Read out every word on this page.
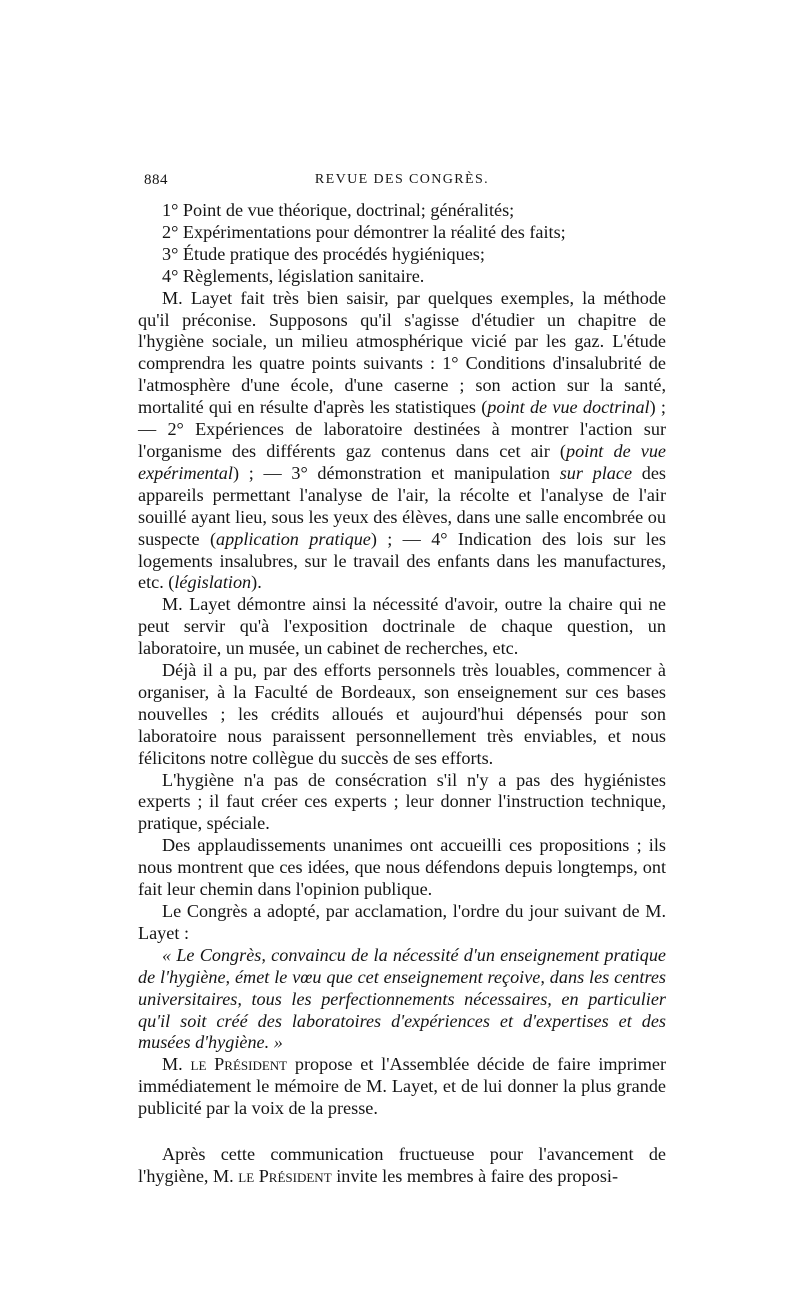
884	REVUE DES CONGRÈS.

1° Point de vue théorique, doctrinal; généralités;

2° Expérimentations pour démontrer la réalité des faits;

3° Étude pratique des procédés hygiéniques;

4° Règlements, législation sanitaire.

M. Layet fait très bien saisir, par quelques exemples, la méthode qu'il préconise. Supposons qu'il s'agisse d'étudier un chapitre de l'hygiène sociale, un milieu atmosphérique vicié par les gaz. L'étude comprendra les quatre points suivants : 1° Conditions d'insalubrité de l'atmosphère d'une école, d'une caserne ; son action sur la santé, mortalité qui en résulte d'après les statistiques (point de vue doctrinal) ; — 2° Expériences de laboratoire destinées à montrer l'action sur l'organisme des différents gaz contenus dans cet air (point de vue expérimental) ; — 3° démonstration et manipulation sur place des appareils permettant l'analyse de l'air, la récolte et l'analyse de l'air souillé ayant lieu, sous les yeux des élèves, dans une salle encombrée ou suspecte (application pratique) ; — 4° Indication des lois sur les logements insalubres, sur le travail des enfants dans les manufactures, etc. (législation).

M. Layet démontre ainsi la nécessité d'avoir, outre la chaire qui ne peut servir qu'à l'exposition doctrinale de chaque question, un laboratoire, un musée, un cabinet de recherches, etc.

Déjà il a pu, par des efforts personnels très louables, commencer à organiser, à la Faculté de Bordeaux, son enseignement sur ces bases nouvelles ; les crédits alloués et aujourd'hui dépensés pour son laboratoire nous paraissent personnellement très enviables, et nous félicitons notre collègue du succès de ses efforts.

L'hygiène n'a pas de consécration s'il n'y a pas des hygiénistes experts ; il faut créer ces experts ; leur donner l'instruction technique, pratique, spéciale.

Des applaudissements unanimes ont accueilli ces propositions ; ils nous montrent que ces idées, que nous défendons depuis longtemps, ont fait leur chemin dans l'opinion publique.

Le Congrès a adopté, par acclamation, l'ordre du jour suivant de M. Layet :

« Le Congrès, convaincu de la nécessité d'un enseignement pratique de l'hygiène, émet le vœu que cet enseignement reçoive, dans les centres universitaires, tous les perfectionnements nécessaires, en particulier qu'il soit créé des laboratoires d'expériences et d'expertises et des musées d'hygiène. »

M. le Président propose et l'Assemblée décide de faire imprimer immédiatement le mémoire de M. Layet, et de lui donner la plus grande publicité par la voix de la presse.

Après cette communication fructueuse pour l'avancement de l'hygiène, M. le Président invite les membres à faire des proposi-
